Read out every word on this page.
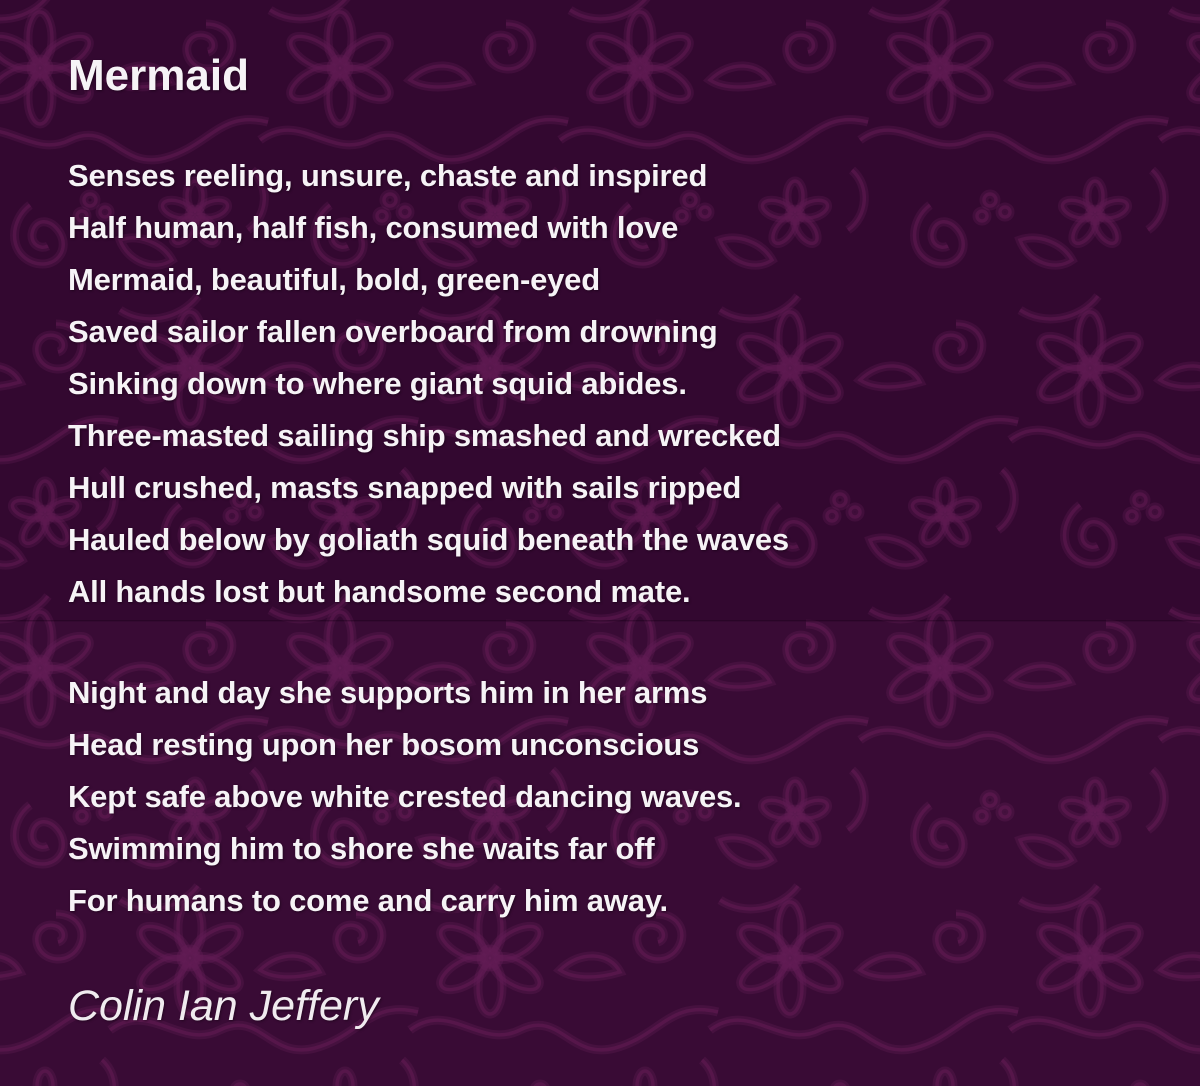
Mermaid

Senses reeling, unsure, chaste and inspired

Half human, half fish, consumed with love

Mermaid, beautiful, bold, green-eyed

Saved sailor fallen overboard from drowning

Sinking down to where giant squid abides.

Three-masted sailing ship smashed and wrecked

Hull crushed, masts snapped with sails ripped

Hauled below by goliath squid beneath the waves

All hands lost but handsome second mate.

Night and day she supports him in her arms

Head resting upon her bosom unconscious

Kept safe above white crested dancing waves.

Swimming him to shore she waits far off

For humans to come and carry him away.

Colin Ian Jeffery
